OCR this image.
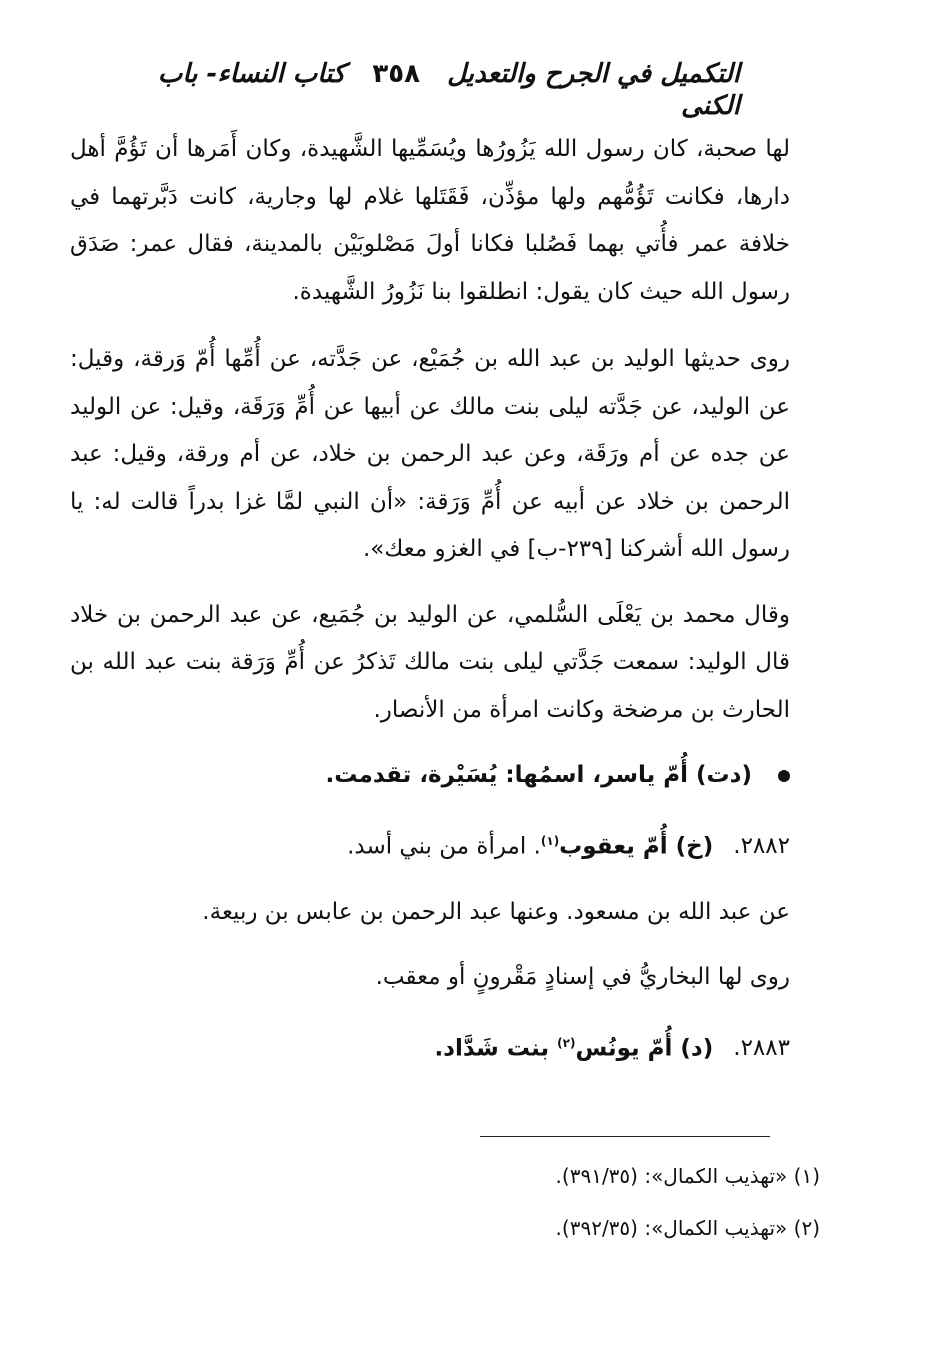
التكميل في الجرح والتعديل ٣٥٨ كتاب النساء- باب الكنى

لها صحبة، كان رسول الله يَزُورُها ويُسَمِّيها الشَّهيدة، وكان أَمَرها أن تَؤُمَّ أهل دارها، فكانت تَؤُمُّهم ولها مؤذِّن، فَقَتَلها غلام لها وجارية، كانت دَبَّرتهما في خلافة عمر فأُتي بهما فَصُلبا فكانا أولَ مَصْلوبَيْن بالمدينة، فقال عمر: صَدَق رسول الله حيث كان يقول: انطلقوا بنا نَزُورُ الشَّهيدة.

روى حديثها الوليد بن عبد الله بن جُمَيْع، عن جَدَّته، عن أُمِّها أُمّ وَرقة، وقيل: عن الوليد، عن جَدَّته ليلى بنت مالك عن أبيها عن أُمِّ وَرَقَة، وقيل: عن الوليد عن جده عن أم ورَقَة، وعن عبد الرحمن بن خلاد، عن أم ورقة، وقيل: عبد الرحمن بن خلاد عن أبيه عن أُمِّ وَرَقة: «أن النبي لمَّا غزا بدراً قالت له: يا رسول الله أشركنا [٢٣٩-ب] في الغزو معك».

وقال محمد بن يَعْلَى السُّلمي، عن الوليد بن جُمَيع، عن عبد الرحمن بن خلاد قال الوليد: سمعت جَدَّتي ليلى بنت مالك تَذكرُ عن أُمِّ وَرَقة بنت عبد الله بن الحارث بن مرضخة وكانت امرأة من الأنصار.

(دت) أُمّ ياسر، اسمُها: يُسَيْرة، تقدمت.

٢٨٨٢. (خ) أُمّ يعقوب$^{(١)}$. امرأة من بني أسد.

عن عبد الله بن مسعود. وعنها عبد الرحمن بن عابس بن ربيعة.

روى لها البخاريُّ في إسنادٍ مَقْرونٍ أو معقب.

٢٨٨٣. (د) أُمّ يونُس$^{(٢)}$ بنت شَدَّاد.

(١) «تهذيب الكمال»: (٣٩١/٣٥).
(٢) «تهذيب الكمال»: (٣٩٢/٣٥).
